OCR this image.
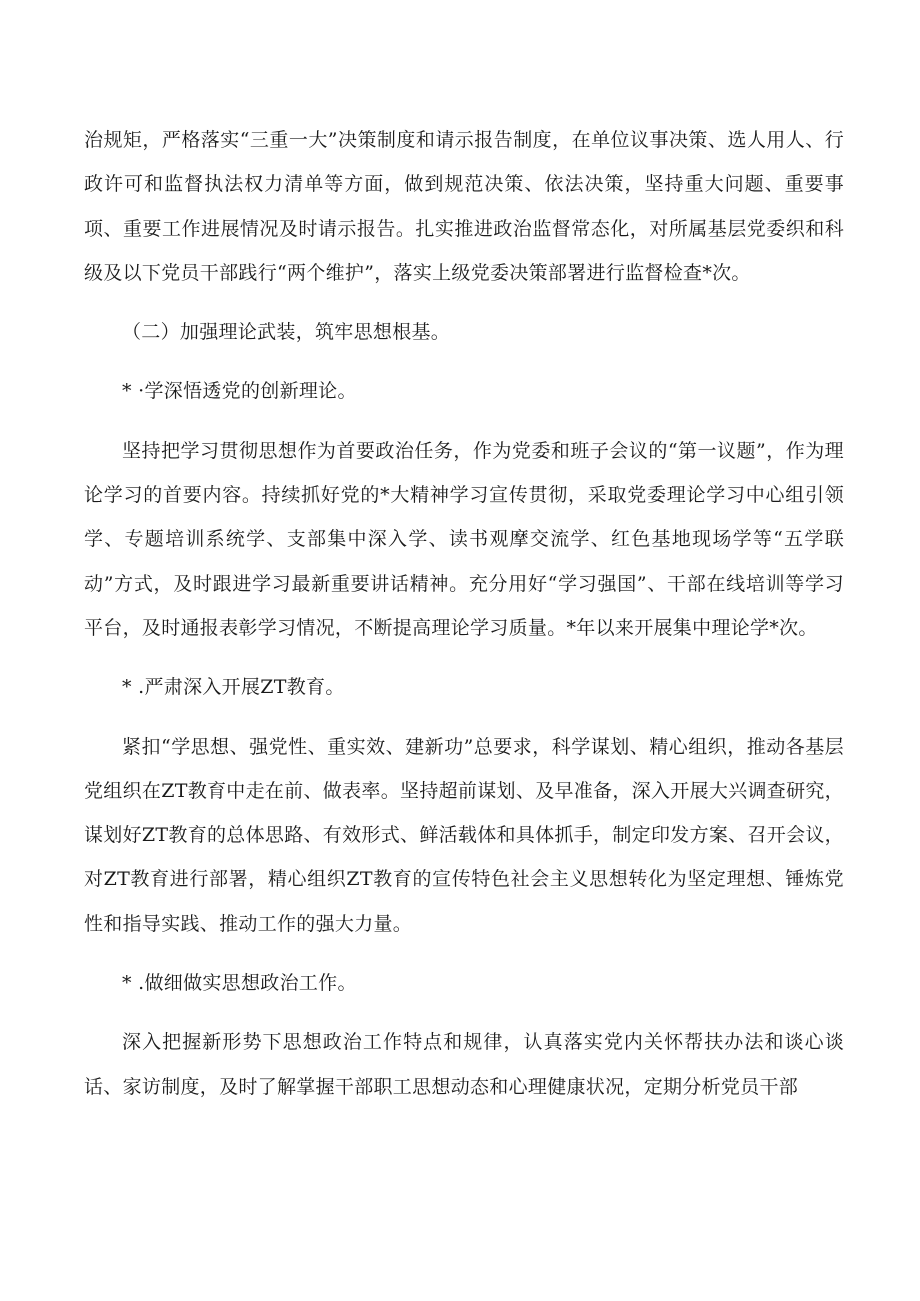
治规矩，严格落实“三重一大”决策制度和请示报告制度，在单位议事决策、选人用人、行政许可和监督执法权力清单等方面，做到规范决策、依法决策，坚持重大问题、重要事项、重要工作进展情况及时请示报告。扎实推进政治监督常态化，对所属基层党委织和科级及以下党员干部践行“两个维护”，落实上级党委决策部署进行监督检查*次。

（二）加强理论武装，筑牢思想根基。

* ·学深悟透党的创新理论。

坚持把学习贯彻思想作为首要政治任务，作为党委和班子会议的“第一议题”，作为理论学习的首要内容。持续抓好党的*大精神学习宣传贯彻，采取党委理论学习中心组引领学、专题培训系统学、支部集中深入学、读书观摩交流学、红色基地现场学等“五学联动”方式，及时跟进学习最新重要讲话精神。充分用好“学习强国”、干部在线培训等学习平台，及时通报表彰学习情况，不断提高理论学习质量。*年以来开展集中理论学*次。

* .严肃深入开展ZT教育。

紧扣“学思想、强党性、重实效、建新功”总要求，科学谋划、精心组织，推动各基层党组织在ZT教育中走在前、做表率。坚持超前谋划、及早准备，深入开展大兴调查研究，谋划好ZT教育的总体思路、有效形式、鲜活载体和具体抓手，制定印发方案、召开会议，对ZT教育进行部署，精心组织ZT教育的宣传特色社会主义思想转化为坚定理想、锤炼党性和指导实践、推动工作的强大力量。

* .做细做实思想政治工作。

深入把握新形势下思想政治工作特点和规律，认真落实党内关怀帮扶办法和谈心谈话、家访制度，及时了解掌握干部职工思想动态和心理健康状况，定期分析党员干部
